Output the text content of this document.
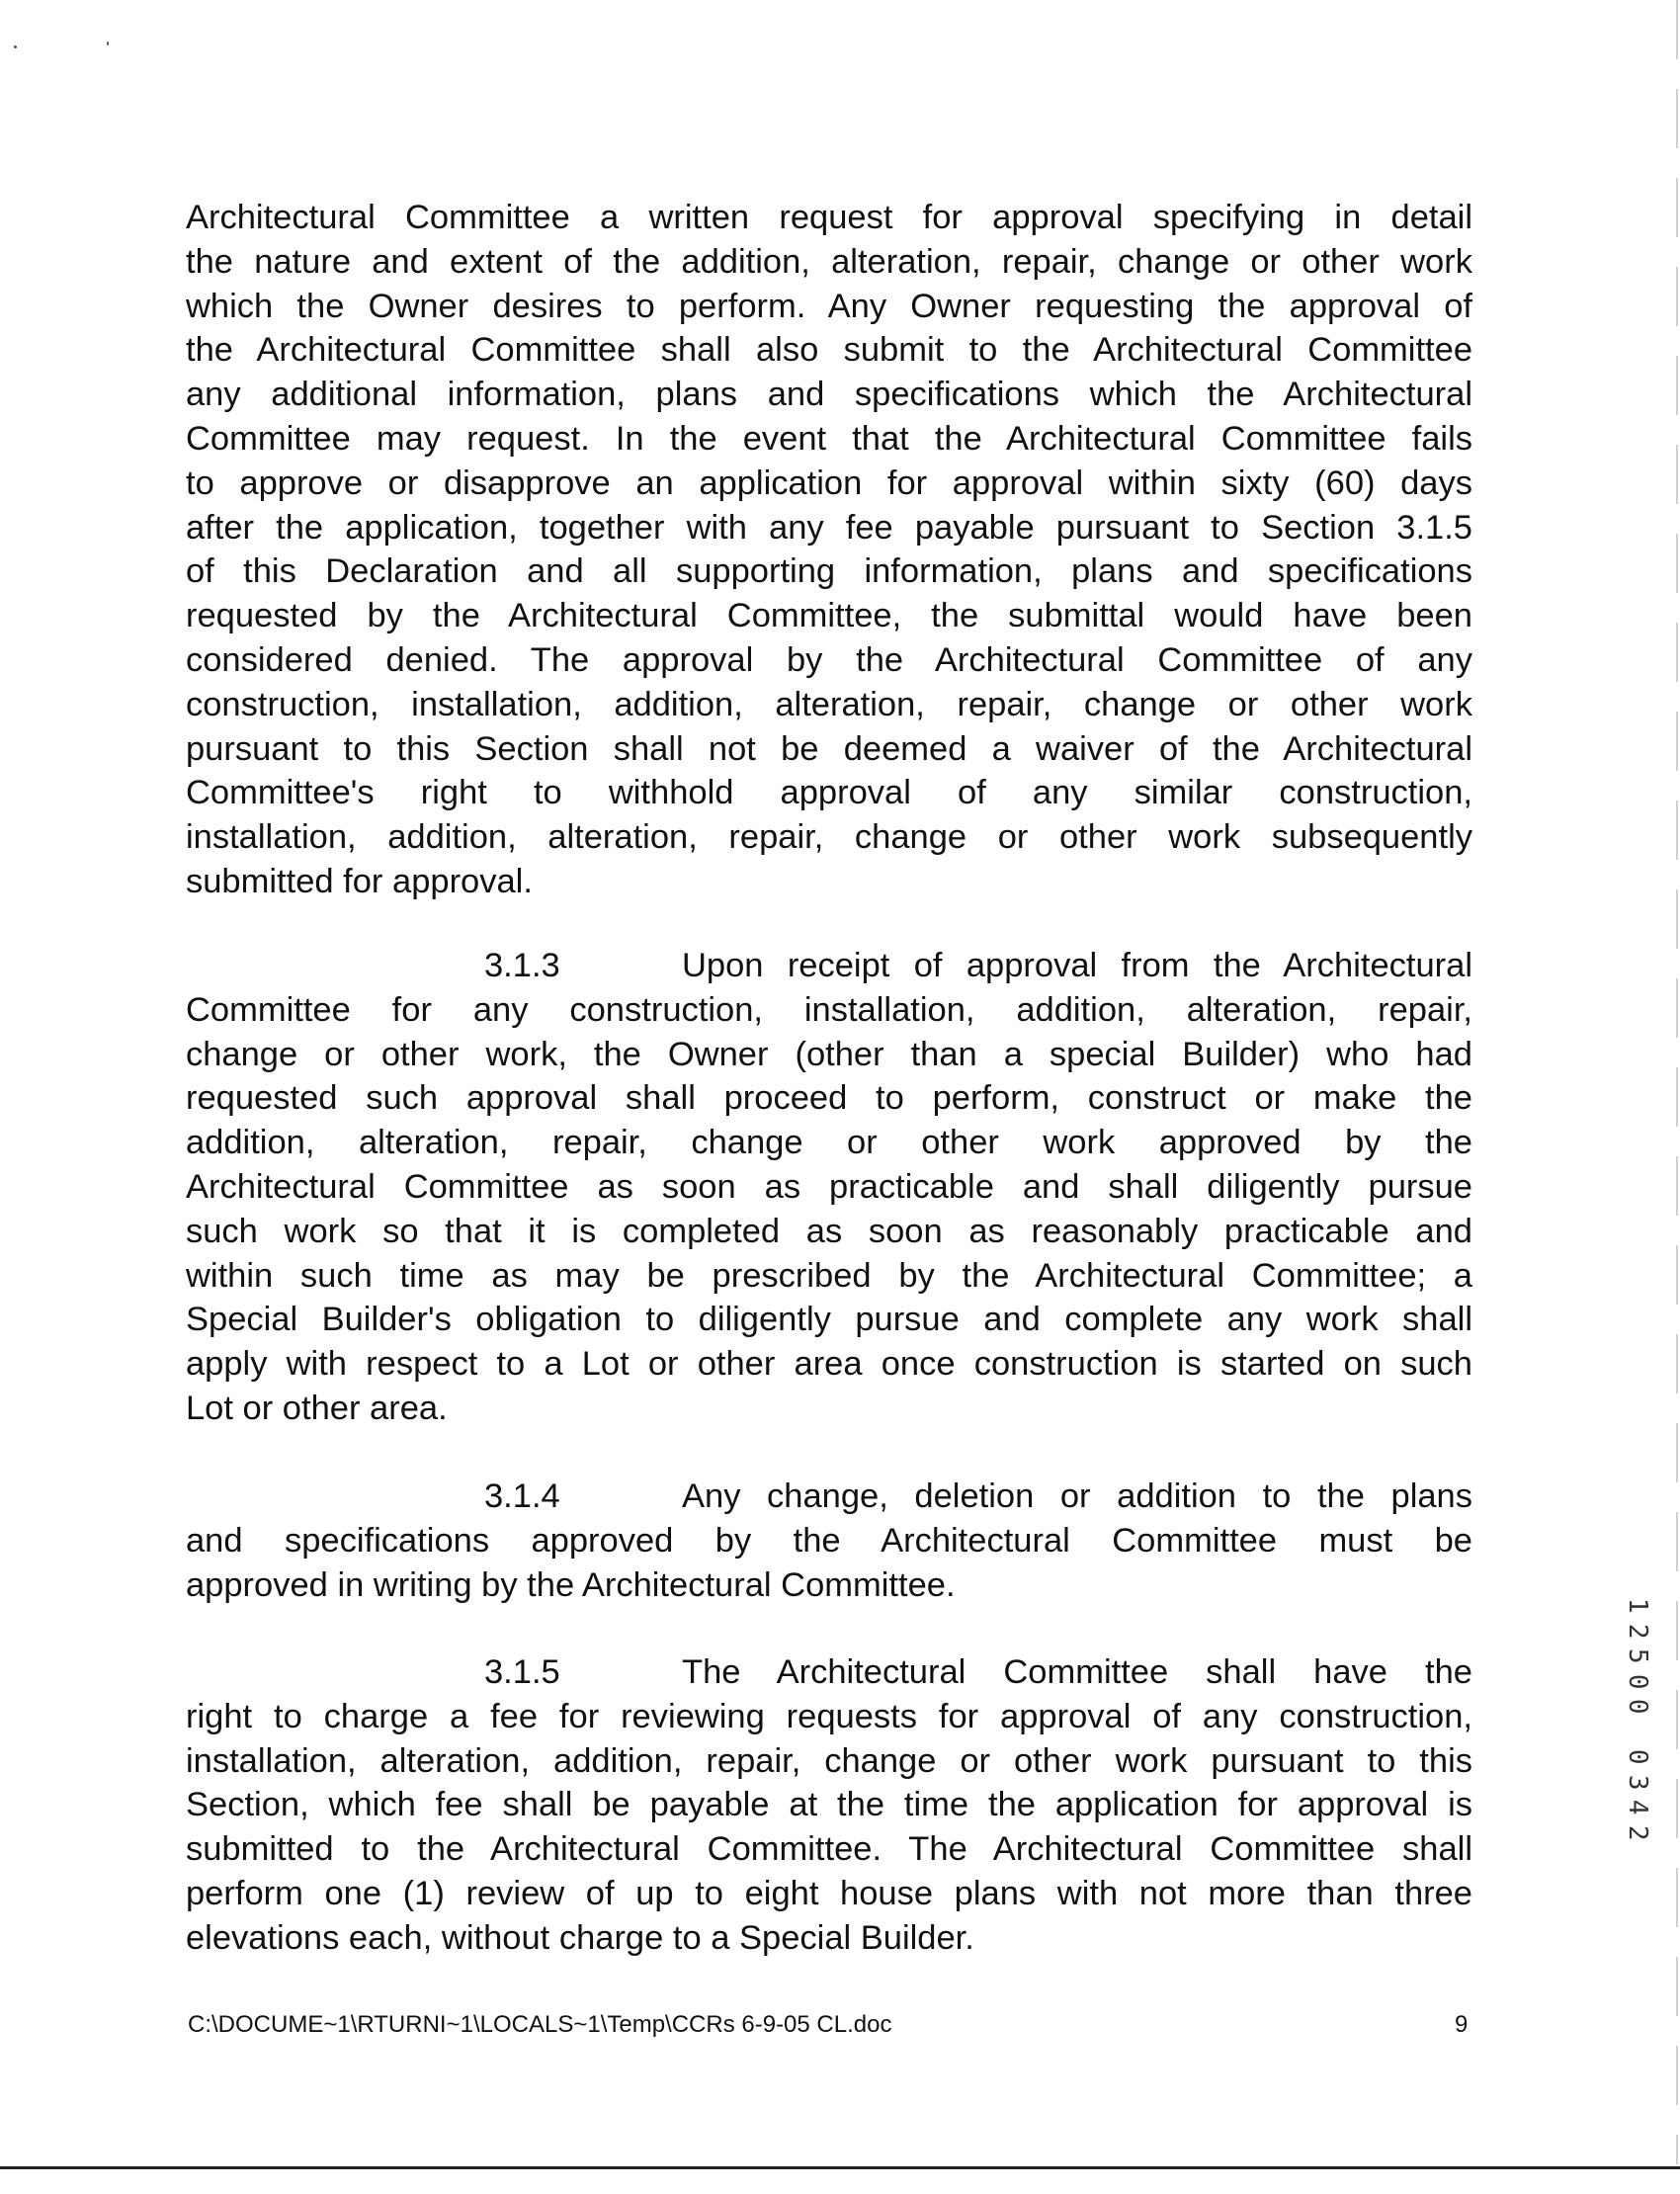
Architectural Committee a written request for approval specifying in detail
the nature and extent of the addition, alteration, repair, change or other work
which the Owner desires to perform. Any Owner requesting the approval of
the Architectural Committee shall also submit to the Architectural Committee
any additional information, plans and specifications which the Architectural
Committee may request. In the event that the Architectural Committee fails
to approve or disapprove an application for approval within sixty (60) days
after the application, together with any fee payable pursuant to Section 3.1.5
of this Declaration and all supporting information, plans and specifications
requested by the Architectural Committee, the submittal would have been
considered denied. The approval by the Architectural Committee of any
construction, installation, addition, alteration, repair, change or other work
pursuant to this Section shall not be deemed a waiver of the Architectural
Committee's right to withhold approval of any similar construction,
installation, addition, alteration, repair, change or other work subsequently
submitted for approval.
3.1.3	Upon receipt of approval from the Architectural
Committee for any construction, installation, addition, alteration, repair,
change or other work, the Owner (other than a special Builder) who had
requested such approval shall proceed to perform, construct or make the
addition, alteration, repair, change or other work approved by the
Architectural Committee as soon as practicable and shall diligently pursue
such work so that it is completed as soon as reasonably practicable and
within such time as may be prescribed by the Architectural Committee; a
Special Builder's obligation to diligently pursue and complete any work shall
apply with respect to a Lot or other area once construction is started on such
Lot or other area.
3.1.4	Any change, deletion or addition to the plans
and specifications approved by the Architectural Committee must be
approved in writing by the Architectural Committee.
3.1.5	The Architectural Committee shall have the
right to charge a fee for reviewing requests for approval of any construction,
installation, alteration, addition, repair, change or other work pursuant to this
Section, which fee shall be payable at the time the application for approval is
submitted to the Architectural Committee. The Architectural Committee shall
perform one (1) review of up to eight house plans with not more than three
elevations each, without charge to a Special Builder.
C:\DOCUME~1\RTURNI~1\LOCALS~1\Temp\CCRs 6-9-05 CL.doc	9
1
2
5
0
0
0
3
4
2
